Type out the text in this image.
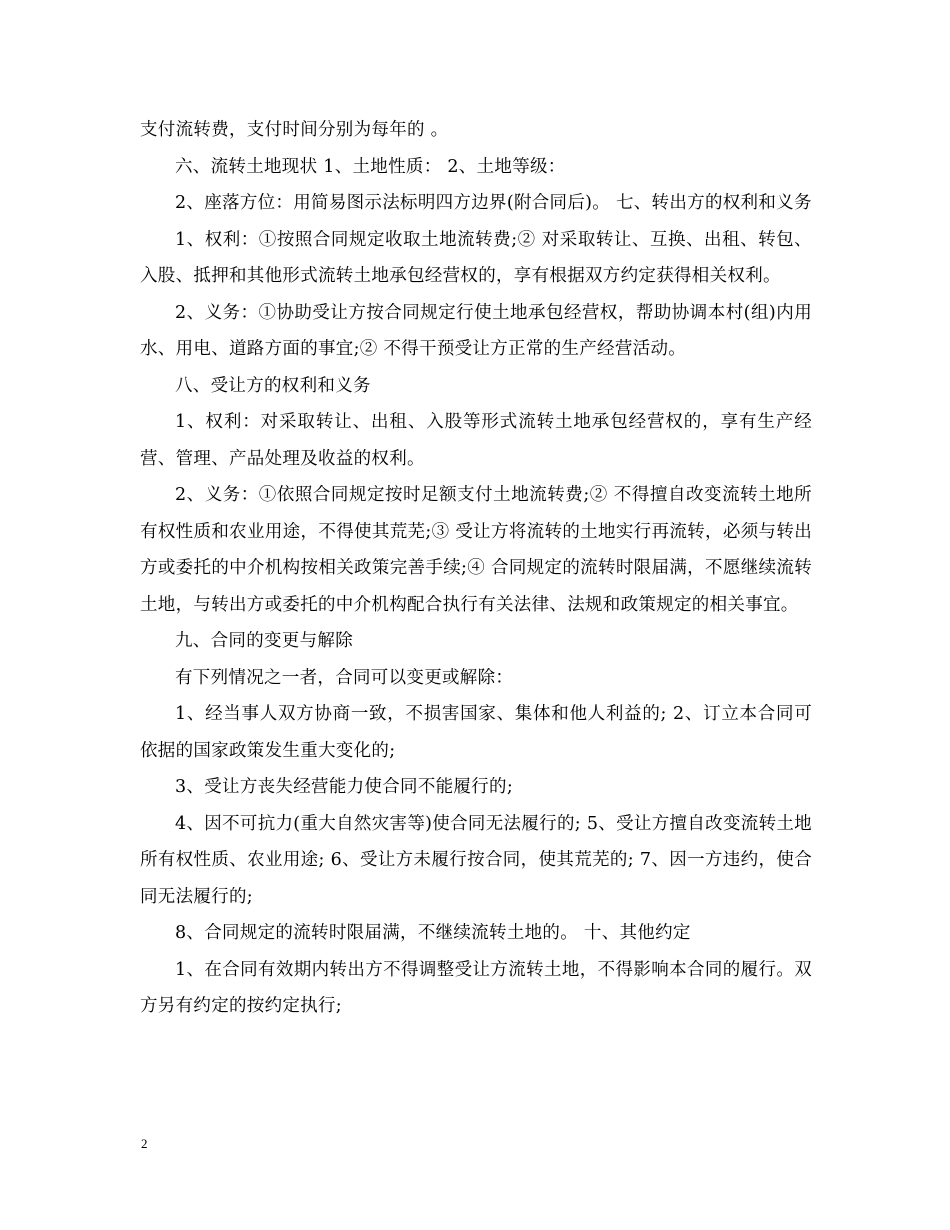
支付流转费，支付时间分别为每年的 。

六、流转土地现状 1、土地性质： 2、土地等级：

2、座落方位：用简易图示法标明四方边界(附合同后)。 七、转出方的权利和义务

1、权利：①按照合同规定收取土地流转费;② 对采取转让、互换、出租、转包、入股、抵押和其他形式流转土地承包经营权的，享有根据双方约定获得相关权利。

2、义务：①协助受让方按合同规定行使土地承包经营权，帮助协调本村(组)内用水、用电、道路方面的事宜;② 不得干预受让方正常的生产经营活动。

八、受让方的权利和义务

1、权利：对采取转让、出租、入股等形式流转土地承包经营权的，享有生产经营、管理、产品处理及收益的权利。

2、义务：①依照合同规定按时足额支付土地流转费;② 不得擅自改变流转土地所有权性质和农业用途，不得使其荒芜;③ 受让方将流转的土地实行再流转，必须与转出方或委托的中介机构按相关政策完善手续;④ 合同规定的流转时限届满，不愿继续流转土地，与转出方或委托的中介机构配合执行有关法律、法规和政策规定的相关事宜。

九、合同的变更与解除

有下列情况之一者，合同可以变更或解除：

1、经当事人双方协商一致，不损害国家、集体和他人利益的; 2、订立本合同可依据的国家政策发生重大变化的;

3、受让方丧失经营能力使合同不能履行的;

4、因不可抗力(重大自然灾害等)使合同无法履行的; 5、受让方擅自改变流转土地所有权性质、农业用途; 6、受让方未履行按合同，使其荒芜的; 7、因一方违约，使合同无法履行的;

8、合同规定的流转时限届满，不继续流转土地的。 十、其他约定

1、在合同有效期内转出方不得调整受让方流转土地，不得影响本合同的履行。双方另有约定的按约定执行;

2
